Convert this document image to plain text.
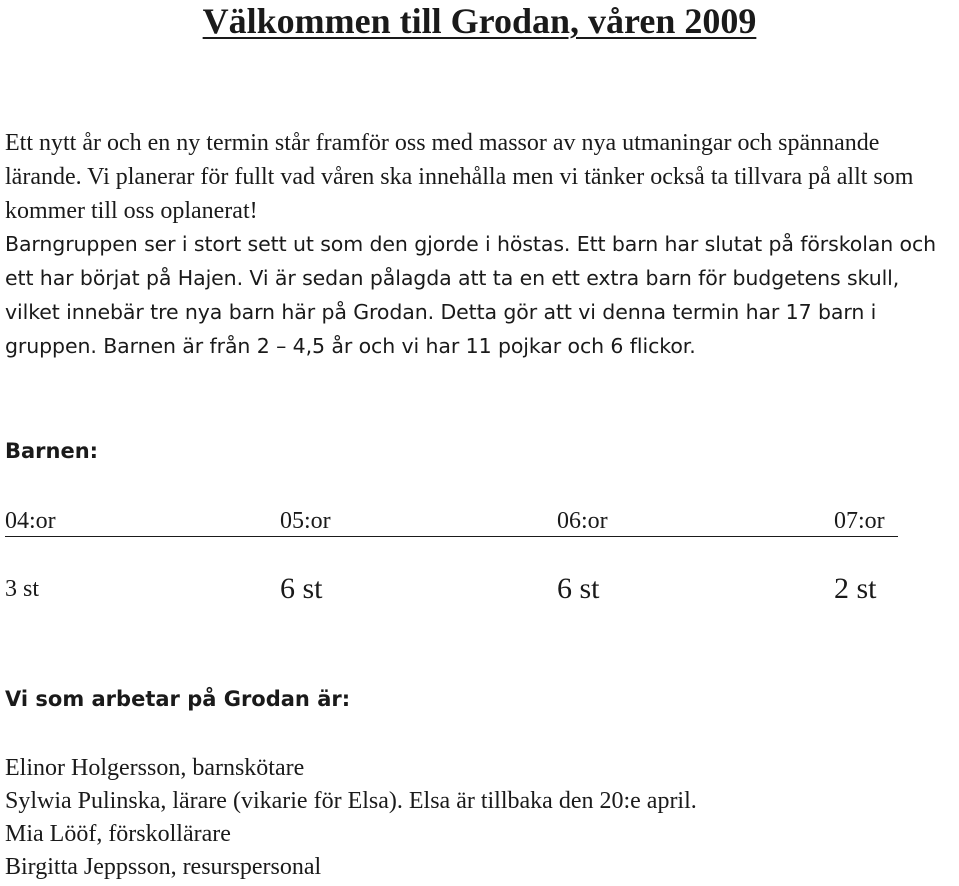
Välkommen till Grodan, våren 2009

Ett nytt år och en ny termin står framför oss med massor av nya utmaningar och spännande lärande. Vi planerar för fullt vad våren ska innehålla men vi tänker också ta tillvara på allt som kommer till oss oplanerat!

Barngruppen ser i stort sett ut som den gjorde i höstas. Ett barn har slutat på förskolan och ett har börjat på Hajen. Vi är sedan pålagda att ta en ett extra barn för budgetens skull, vilket innebär tre nya barn här på Grodan. Detta gör att vi denna termin har 17 barn i gruppen. Barnen är från 2 – 4,5 år och vi har 11 pojkar och 6 flickor.

Barnen:

04:or	05:or	06:or	07:or
3 st	6 st	6 st	2 st

Vi som arbetar på Grodan är:

Elinor Holgersson, barnskötare
Sylwia Pulinska, lärare (vikarie för Elsa). Elsa är tillbaka den 20:e april.
Mia Lööf, förskollärare
Birgitta Jeppsson, resurspersonal
